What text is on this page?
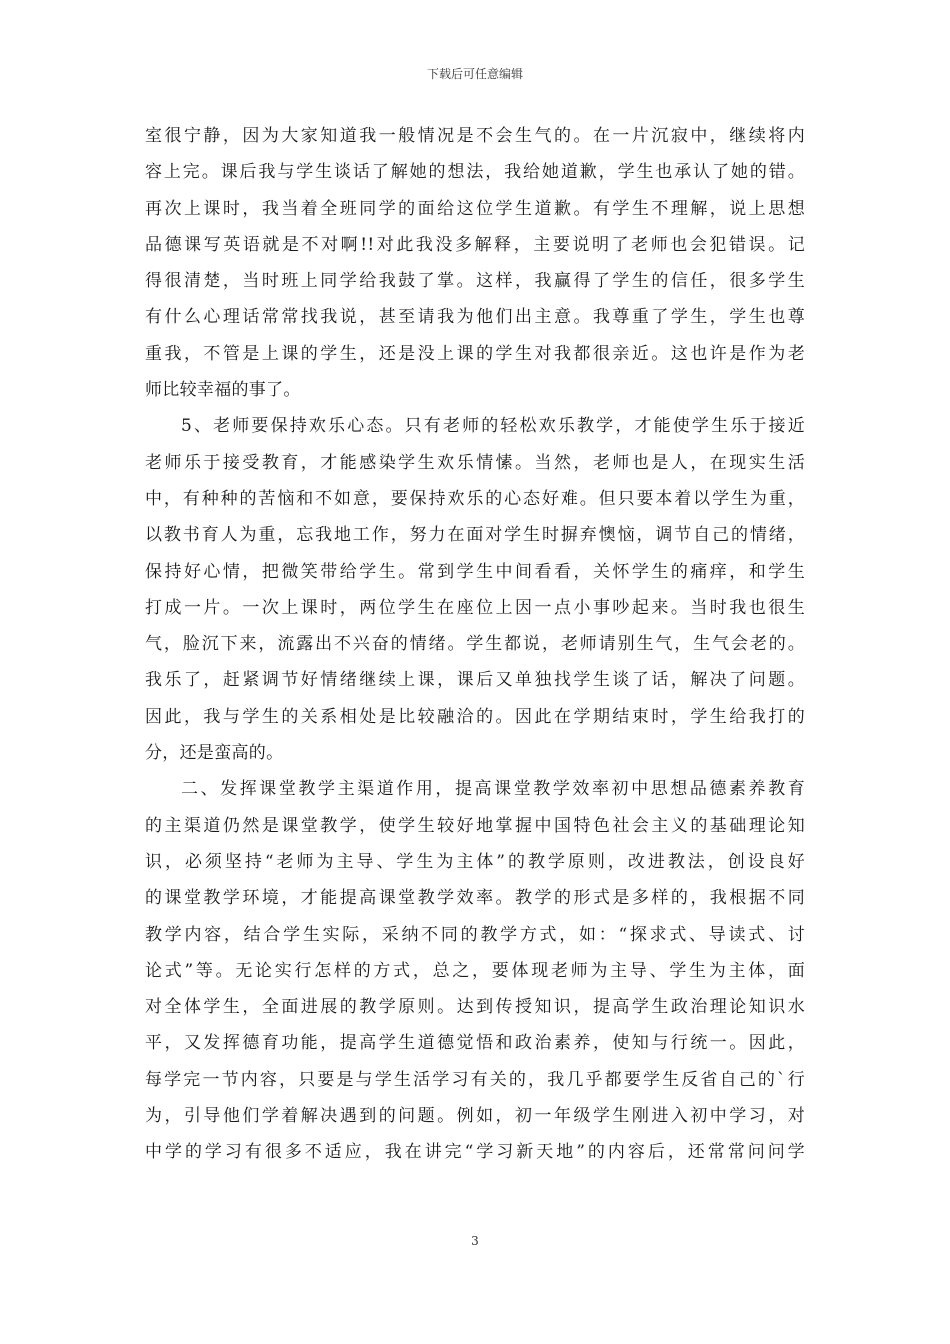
下载后可任意编辑
室很宁静，因为大家知道我一般情况是不会生气的。在一片沉寂中，继续将内
容上完。课后我与学生谈话了解她的想法，我给她道歉，学生也承认了她的错。
再次上课时，我当着全班同学的面给这位学生道歉。有学生不理解，说上思想
品德课写英语就是不对啊!!对此我没多解释，主要说明了老师也会犯错误。记
得很清楚，当时班上同学给我鼓了掌。这样，我赢得了学生的信任，很多学生
有什么心理话常常找我说，甚至请我为他们出主意。我尊重了学生，学生也尊
重我，不管是上课的学生，还是没上课的学生对我都很亲近。这也许是作为老
师比较幸福的事了。
5、老师要保持欢乐心态。只有老师的轻松欢乐教学，才能使学生乐于接近
老师乐于接受教育，才能感染学生欢乐情愫。当然，老师也是人，在现实生活
中，有种种的苦恼和不如意，要保持欢乐的心态好难。但只要本着以学生为重，
以教书育人为重，忘我地工作，努力在面对学生时摒弃懊恼，调节自己的情绪，
保持好心情，把微笑带给学生。常到学生中间看看，关怀学生的痛痒，和学生
打成一片。一次上课时，两位学生在座位上因一点小事吵起来。当时我也很生
气，脸沉下来，流露出不兴奋的情绪。学生都说，老师请别生气，生气会老的。
我乐了，赶紧调节好情绪继续上课，课后又单独找学生谈了话，解决了问题。
因此，我与学生的关系相处是比较融洽的。因此在学期结束时，学生给我打的
分，还是蛮高的。
二、发挥课堂教学主渠道作用，提高课堂教学效率初中思想品德素养教育
的主渠道仍然是课堂教学，使学生较好地掌握中国特色社会主义的基础理论知
识，必须坚持“老师为主导、学生为主体”的教学原则，改进教法，创设良好
的课堂教学环境，才能提高课堂教学效率。教学的形式是多样的，我根据不同
教学内容，结合学生实际，采纳不同的教学方式，如：“探求式、导读式、讨
论式”等。无论实行怎样的方式，总之，要体现老师为主导、学生为主体，面
对全体学生，全面进展的教学原则。达到传授知识，提高学生政治理论知识水
平，又发挥德育功能，提高学生道德觉悟和政治素养，使知与行统一。因此，
每学完一节内容，只要是与学生活学习有关的，我几乎都要学生反省自己的`行
为，引导他们学着解决遇到的问题。例如，初一年级学生刚进入初中学习，对
中学的学习有很多不适应，我在讲完“学习新天地”的内容后，还常常问问学
3
